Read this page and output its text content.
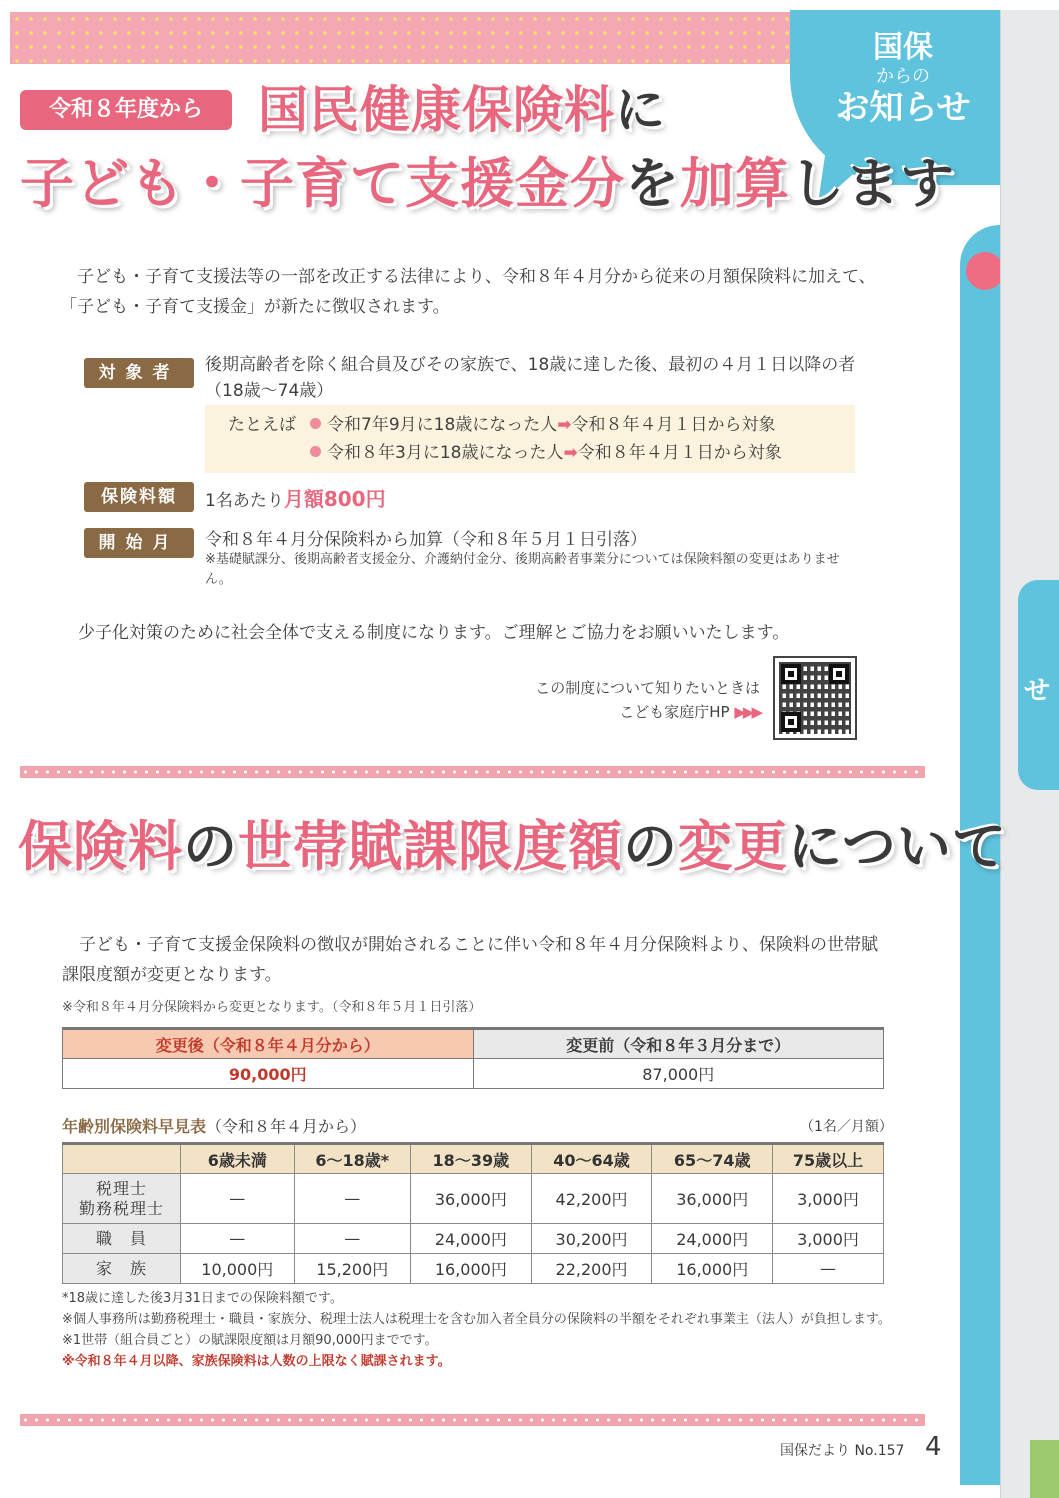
せ
国保
からの
お知らせ
令和８年度から	国民健康保険料に
子ども・子育て支援金分を加算します
子ども・子育て支援法等の一部を改正する法律により、令和８年４月分から従来の月額保険料に加えて、「子ども・子育て支援金」が新たに徴収されます。
対象者	後期高齢者を除く組合員及びその家族で、18歳に達した後、最初の４月１日以降の者（18歳～74歳）
たとえば	令和7年9月に18歳になった人➡令和８年４月１日から対象
令和８年3月に18歳になった人➡令和８年４月１日から対象
保険料額	1名あたり月額800円
開始月	令和８年４月分保険料から加算（令和８年５月１日引落）
※基礎賦課分、後期高齢者支援金分、介護納付金分、後期高齢者事業分については保険料額の変更はありません。
少子化対策のために社会全体で支える制度になります。ご理解とご協力をお願いいたします。
この制度について知りたいときは
こども家庭庁HP ▶▶▶
保険料の世帯賦課限度額の変更について
子ども・子育て支援金保険料の徴収が開始されることに伴い令和８年４月分保険料より、保険料の世帯賦課限度額が変更となります。
※令和８年４月分保険料から変更となります。（令和８年５月１日引落）
変更後（令和８年４月分から）	変更前（令和８年３月分まで）
90,000円	87,000円
年齢別保険料早見表（令和８年４月から）	（1名／月額）
	6歳未満	6～18歳*	18～39歳	40～64歳	65～74歳	75歳以上

税理士
勤務税理士	—	—	36,000円	42,200円	36,000円	3,000円
職　員	—	—	24,000円	30,200円	24,000円	3,000円
家　族	10,000円	15,200円	16,000円	22,200円	16,000円	—
*18歳に達した後3月31日までの保険料額です。
※個人事務所は勤務税理士・職員・家族分、税理士法人は税理士を含む加入者全員分の保険料の半額をそれぞれ事業主（法人）が負担します。
※1世帯（組合員ごと）の賦課限度額は月額90,000円までです。
※令和８年４月以降、家族保険料は人数の上限なく賦課されます。
国保だより No.157 4
